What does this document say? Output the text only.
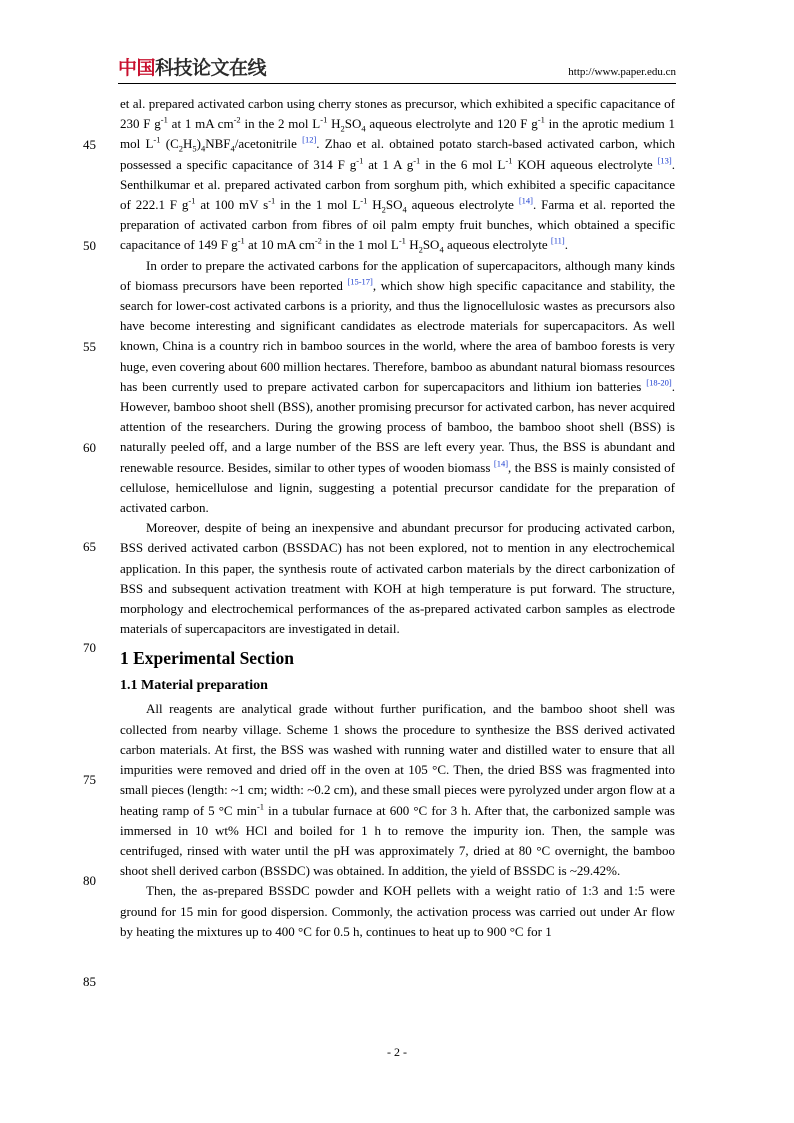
中国科技论文在线	http://www.paper.edu.cn
45
50
55
60
65
70
75
80
85

et al. prepared activated carbon using cherry stones as precursor, which exhibited a specific capacitance of 230 F $g^{-1}$ at 1 mA $cm^{-2}$ in the 2 mol $L^{-1}$ $H_2SO_4$ aqueous electrolyte and 120 F $g^{-1}$ in the aprotic medium 1 mol $L^{-1}$ $(C_2H_5)_4NBF_4$/acetonitrile [12]. Zhao et al. obtained potato starch-based activated carbon, which possessed a specific capacitance of 314 F $g^{-1}$ at 1 A $g^{-1}$ in the 6 mol $L^{-1}$ KOH aqueous electrolyte [13]. Senthilkumar et al. prepared activated carbon from sorghum pith, which exhibited a specific capacitance of 222.1 F $g^{-1}$ at 100 mV $s^{-1}$ in the 1 mol $L^{-1}$ $H_2SO_4$ aqueous electrolyte [14]. Farma et al. reported the preparation of activated carbon from fibres of oil palm empty fruit bunches, which obtained a specific capacitance of 149 F $g^{-1}$ at 10 mA $cm^{-2}$ in the 1 mol $L^{-1}$ $H_2SO_4$ aqueous electrolyte [11].

In order to prepare the activated carbons for the application of supercapacitors, although many kinds of biomass precursors have been reported [15-17], which show high specific capacitance and stability, the search for lower-cost activated carbons is a priority, and thus the lignocellulosic wastes as precursors also have become interesting and significant candidates as electrode materials for supercapacitors. As well known, China is a country rich in bamboo sources in the world, where the area of bamboo forests is very huge, even covering about 600 million hectares. Therefore, bamboo as abundant natural biomass resources has been currently used to prepare activated carbon for supercapacitors and lithium ion batteries [18-20]. However, bamboo shoot shell (BSS), another promising precursor for activated carbon, has never acquired attention of the researchers. During the growing process of bamboo, the bamboo shoot shell (BSS) is naturally peeled off, and a large number of the BSS are left every year. Thus, the BSS is abundant and renewable resource. Besides, similar to other types of wooden biomass [14], the BSS is mainly consisted of cellulose, hemicellulose and lignin, suggesting a potential precursor candidate for the preparation of activated carbon.

Moreover, despite of being an inexpensive and abundant precursor for producing activated carbon, BSS derived activated carbon (BSSDAC) has not been explored, not to mention in any electrochemical application. In this paper, the synthesis route of activated carbon materials by the direct carbonization of BSS and subsequent activation treatment with KOH at high temperature is put forward. The structure, morphology and electrochemical performances of the as-prepared activated carbon samples as electrode materials of supercapacitors are investigated in detail.

1 Experimental Section
1.1 Material preparation

All reagents are analytical grade without further purification, and the bamboo shoot shell was collected from nearby village. Scheme 1 shows the procedure to synthesize the BSS derived activated carbon materials. At first, the BSS was washed with running water and distilled water to ensure that all impurities were removed and dried off in the oven at 105 °C. Then, the dried BSS was fragmented into small pieces (length: ~1 cm; width: ~0.2 cm), and these small pieces were pyrolyzed under argon flow at a heating ramp of 5 °C $\min^{-1}$ in a tubular furnace at 600 °C for 3 h. After that, the carbonized sample was immersed in 10 wt% HCl and boiled for 1 h to remove the impurity ion. Then, the sample was centrifuged, rinsed with water until the pH was approximately 7, dried at 80 °C overnight, the bamboo shoot shell derived carbon (BSSDC) was obtained. In addition, the yield of BSSDC is ~29.42%.

Then, the as-prepared BSSDC powder and KOH pellets with a weight ratio of 1:3 and 1:5 were ground for 15 min for good dispersion. Commonly, the activation process was carried out under Ar flow by heating the mixtures up to 400 °C for 0.5 h, continues to heat up to 900 °C for 1

- 2 -
